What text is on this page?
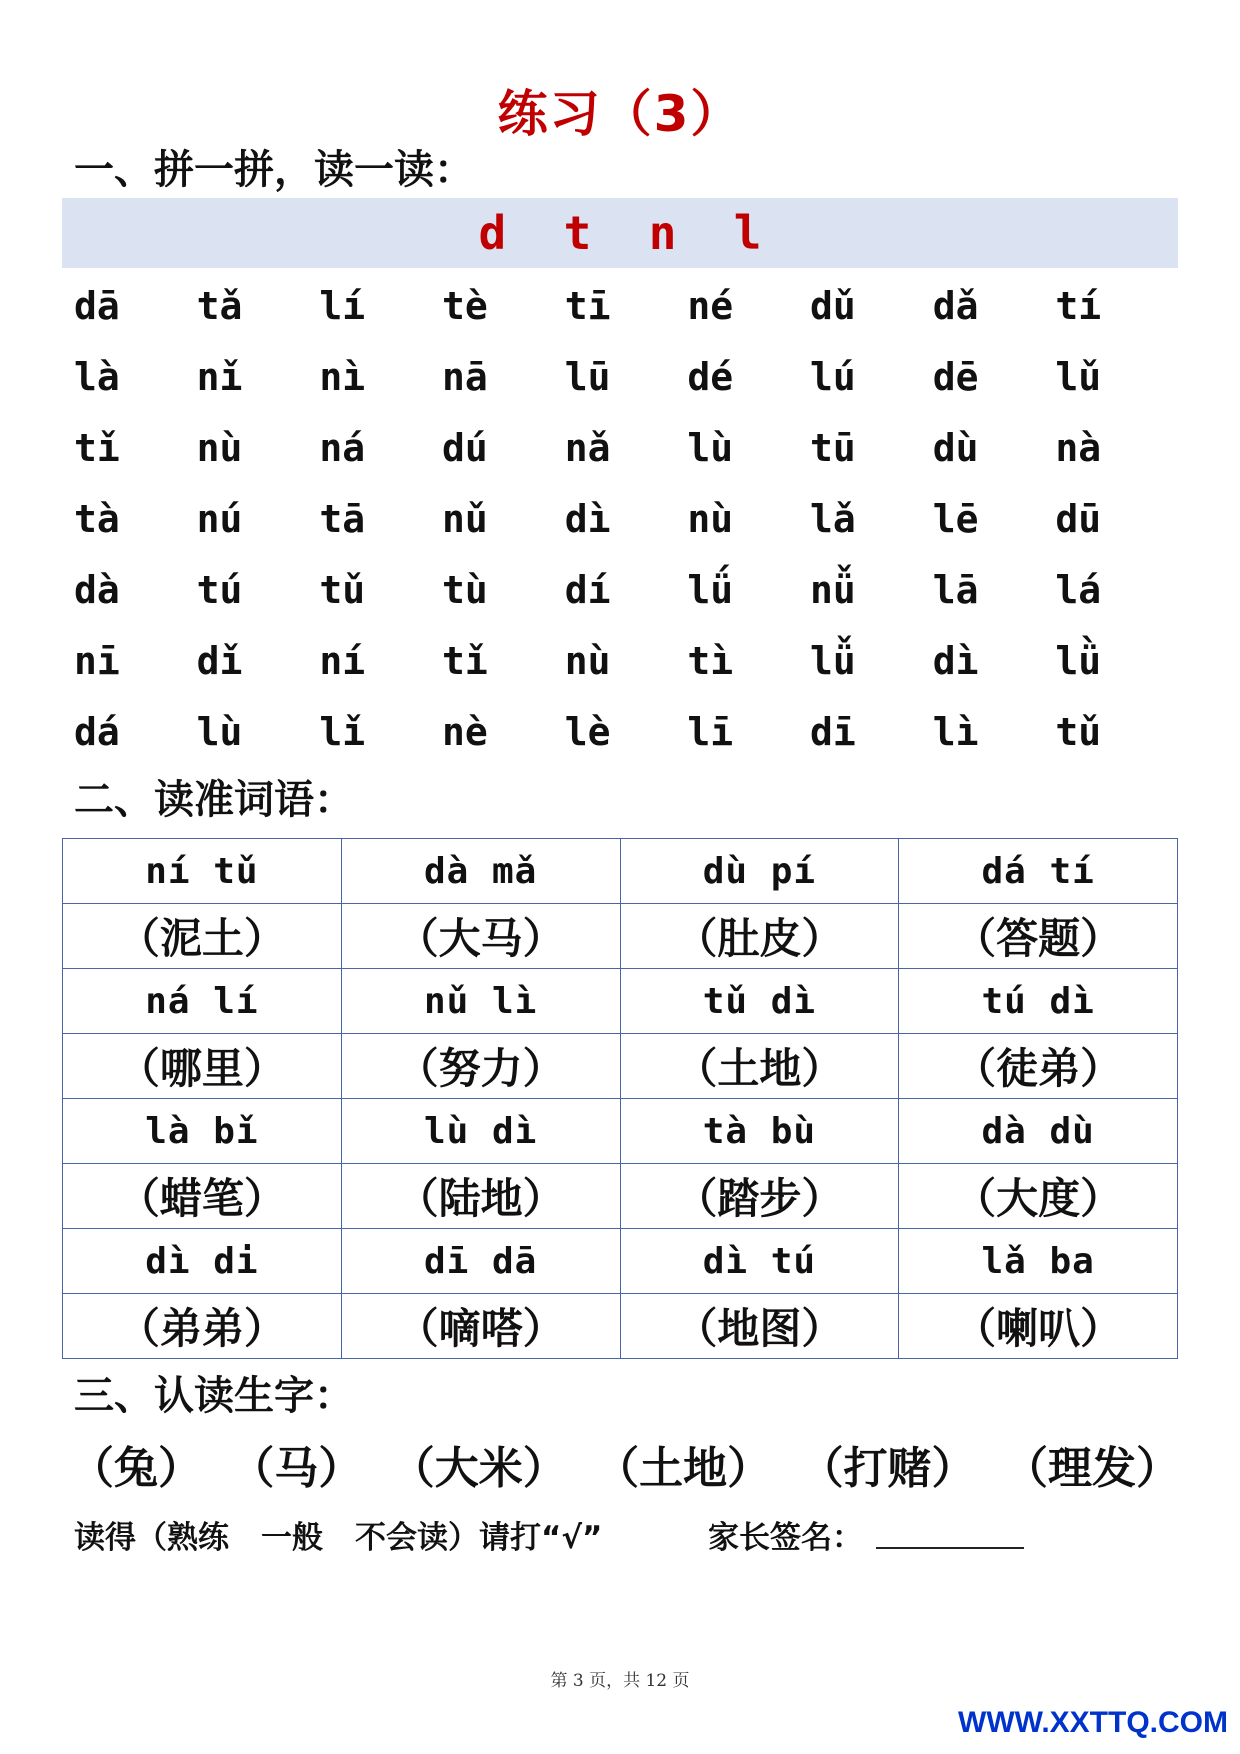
练习（3）
一、拼一拼，读一读：
d t n l
dā	tǎ	lí	tè	tī	né	dǔ	dǎ	tí
là	nǐ	nì	nā	lū	dé	lú	dē	lǔ
tǐ	nù	ná	dú	nǎ	lù	tū	dù	nà
tà	nú	tā	nǔ	dì	nù	lǎ	lē	dū
dà	tú	tǔ	tù	dí	lǘ	nǚ	lā	lá
nī	dǐ	ní	tǐ	nù	tì	lǚ	dì	lǜ
dá	lù	lǐ	nè	lè	lī	dī	lì	tǔ
二、读准词语：
ní tǔ	dà mǎ	dù pí	dá tí
（泥土）	（大马）	（肚皮）	（答题）
ná lí	nǔ lì	tǔ dì	tú dì
（哪里）	（努力）	（土地）	（徒弟）
là bǐ	lù dì	tà bù	dà dù
（蜡笔）	（陆地）	（踏步）	（大度）
dì di	dī dā	dì tú	lǎ ba
（弟弟）	（嘀嗒）	（地图）	（喇叭）
三、认读生字：
（兔） （马） （大米） （土地） （打赌） （理发）
读得（熟练 一般 不会读）请打“√”	家长签名：
第 3 页，共 12 页
WWW.XXTTQ.COM
